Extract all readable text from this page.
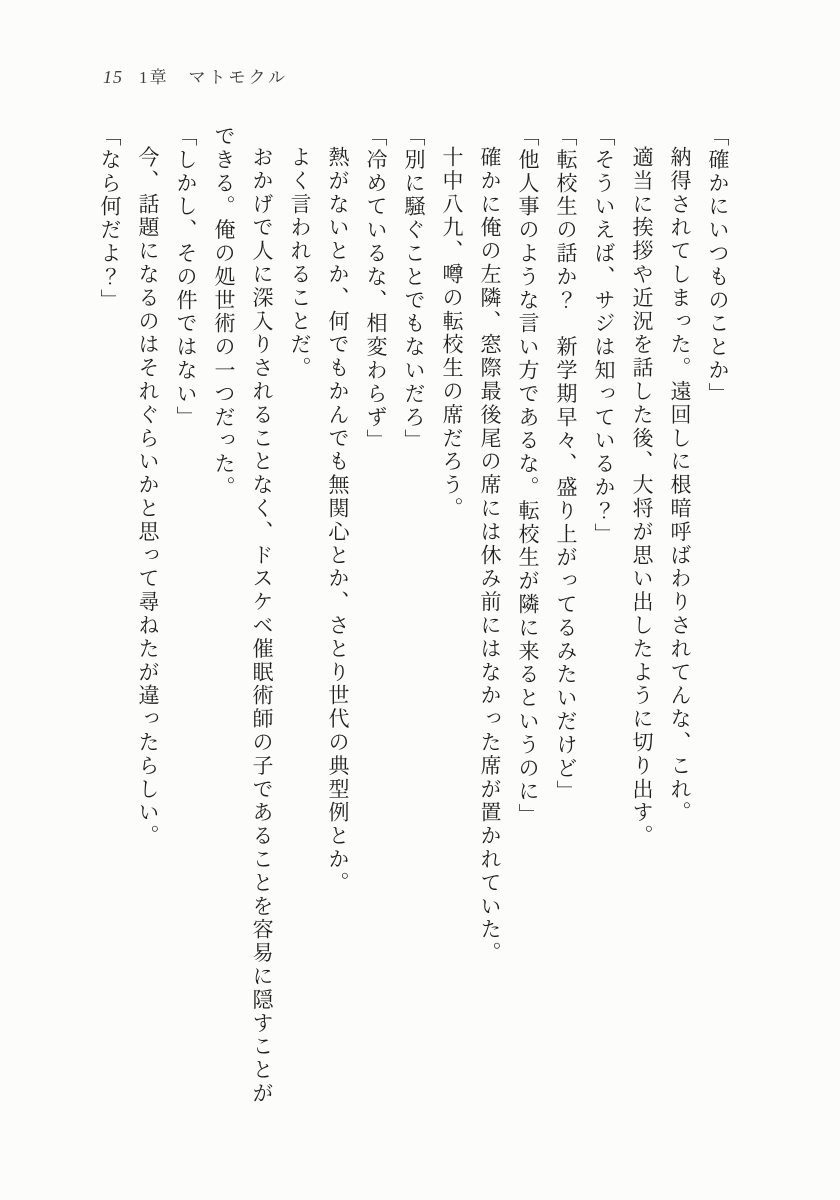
15 1章 マトモクル

「確かにいつものことか」

納得されてしまった。遠回しに根暗呼ばわりされてんな、これ。

適当に挨拶や近況を話した後、大将が思い出したように切り出す。

「そういえば、サジは知っているか？」

「転校生の話か？　新学期早々、盛り上がってるみたいだけど」

「他人事のような言い方であるな。転校生が隣に来るというのに」

確かに俺の左隣、窓際最後尾の席には休み前にはなかった席が置かれていた。

十中八九、噂の転校生の席だろう。

「別に騒ぐことでもないだろ」

「冷めているな、相変わらず」

熱がないとか、何でもかんでも無関心とか、さとり世代の典型例とか。

よく言われることだ。

おかげで人に深入りされることなく、ドスケベ催眠術師の子であることを容易に隠すことができる。俺の処世術の一つだった。

「しかし、その件ではない」

今、話題になるのはそれぐらいかと思って尋ねたが違ったらしい。

「なら何だよ？」
